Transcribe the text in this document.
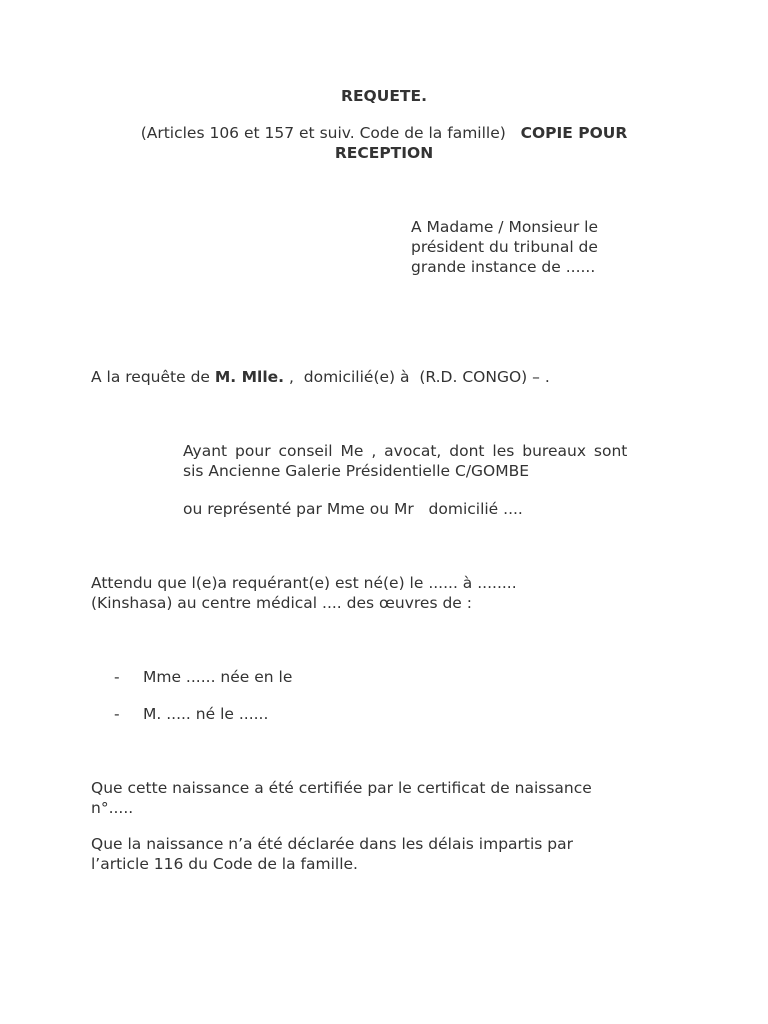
REQUETE.
(Articles 106 et 157 et suiv. Code de la famille) COPIE POUR
RECEPTION
A Madame / Monsieur le
président du tribunal de
grande instance de ......
A la requête de M. Mlle. ,  domicilié(e) à  (R.D. CONGO) – .
Ayant pour conseil Me , avocat, dont les bureaux sont
sis Ancienne Galerie Présidentielle C/GOMBE
ou représenté par Mme ou Mr   domicilié ....
Attendu que l(e)a requérant(e) est né(e) le ...... à ........
(Kinshasa) au centre médical .... des œuvres de :
- Mme ...... née en le
- M. ..... né le ......
Que cette naissance a été certifiée par le certificat de naissance
n°.....
Que la naissance n’a été déclarée dans les délais impartis par
l’article 116 du Code de la famille.
